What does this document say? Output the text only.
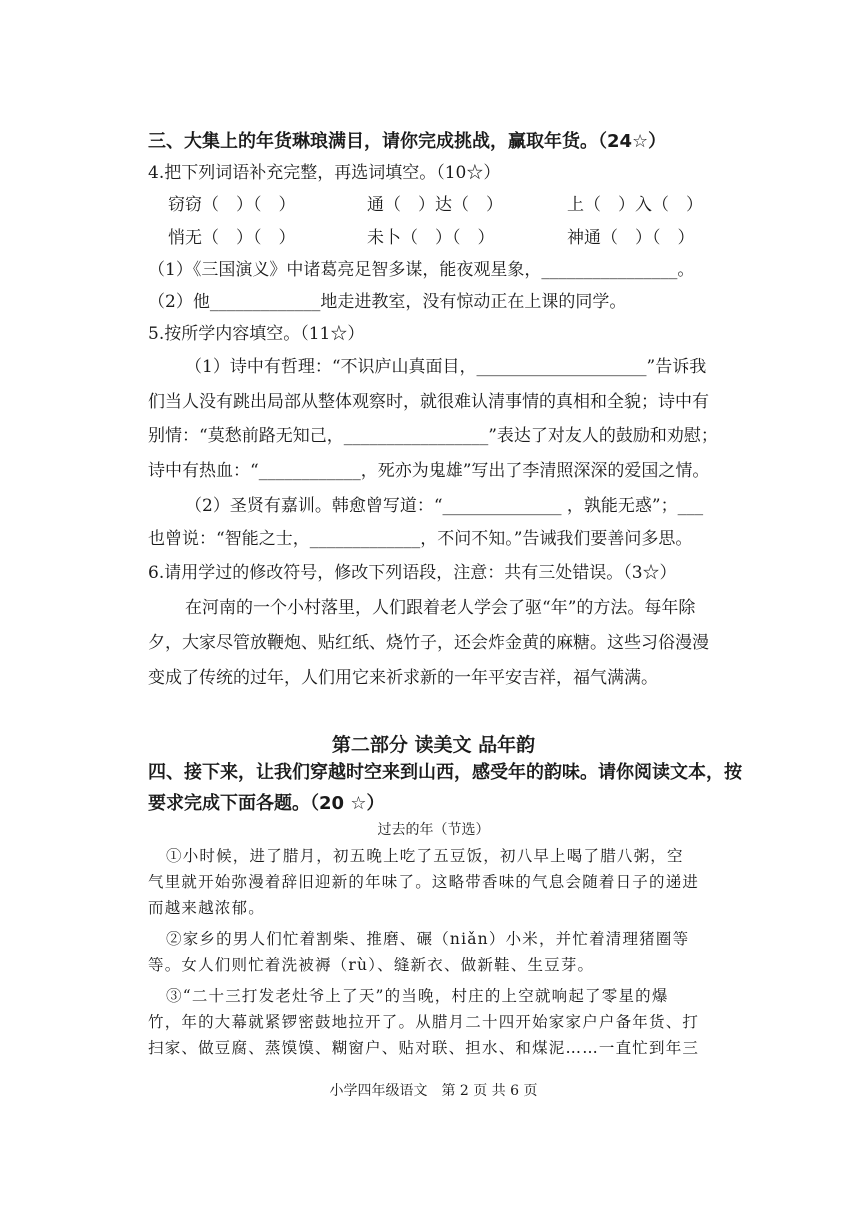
三、大集上的年货琳琅满目，请你完成挑战，赢取年货。（24☆）
4.把下列词语补充完整，再选词填空。（10☆）
窃窃（　）（　）	通（　）达（　）	上（　）入（　）
悄无（　）（　）	未卜（　）（　）	神通（　）（　）
（1）《三国演义》中诸葛亮足智多谋，能夜观星象，________________。
（2）他_____________地走进教室，没有惊动正在上课的同学。
5.按所学内容填空。（11☆）
（1）诗中有哲理：“不识庐山真面目，____________________”告诉我
们当人没有跳出局部从整体观察时，就很难认清事情的真相和全貌；诗中有
别情：“莫愁前路无知己，_________________”表达了对友人的鼓励和劝慰；
诗中有热血：“____________，死亦为鬼雄”写出了李清照深深的爱国之情。
（2）圣贤有嘉训。韩愈曾写道：“______________ ，孰能无惑”；___
也曾说：“智能之士，_____________，不问不知。”告诫我们要善问多思。
6.请用学过的修改符号，修改下列语段，注意：共有三处错误。（3☆）
在河南的一个小村落里，人们跟着老人学会了驱“年”的方法。每年除
夕，大家尽管放鞭炮、贴红纸、烧竹子，还会炸金黄的麻糖。这些习俗漫漫
变成了传统的过年，人们用它来祈求新的一年平安吉祥，福气满满。
第二部分 读美文 品年韵
四、接下来，让我们穿越时空来到山西，感受年的韵味。请你阅读文本，按
要求完成下面各题。（20 ☆）
过去的年（节选）
①小时候，进了腊月，初五晚上吃了五豆饭，初八早上喝了腊八粥，空
气里就开始弥漫着辞旧迎新的年味了。这略带香味的气息会随着日子的递进
而越来越浓郁。
②家乡的男人们忙着割柴、推磨、碾（niǎn）小米，并忙着清理猪圈等
等。女人们则忙着洗被褥（rù）、缝新衣、做新鞋、生豆芽。
③“二十三打发老灶爷上了天”的当晚，村庄的上空就响起了零星的爆
竹，年的大幕就紧锣密鼓地拉开了。从腊月二十四开始家家户户备年货、打
扫家、做豆腐、蒸馍馍、糊窗户、贴对联、担水、和煤泥……一直忙到年三
小学四年级语文　第 2 页 共 6 页
